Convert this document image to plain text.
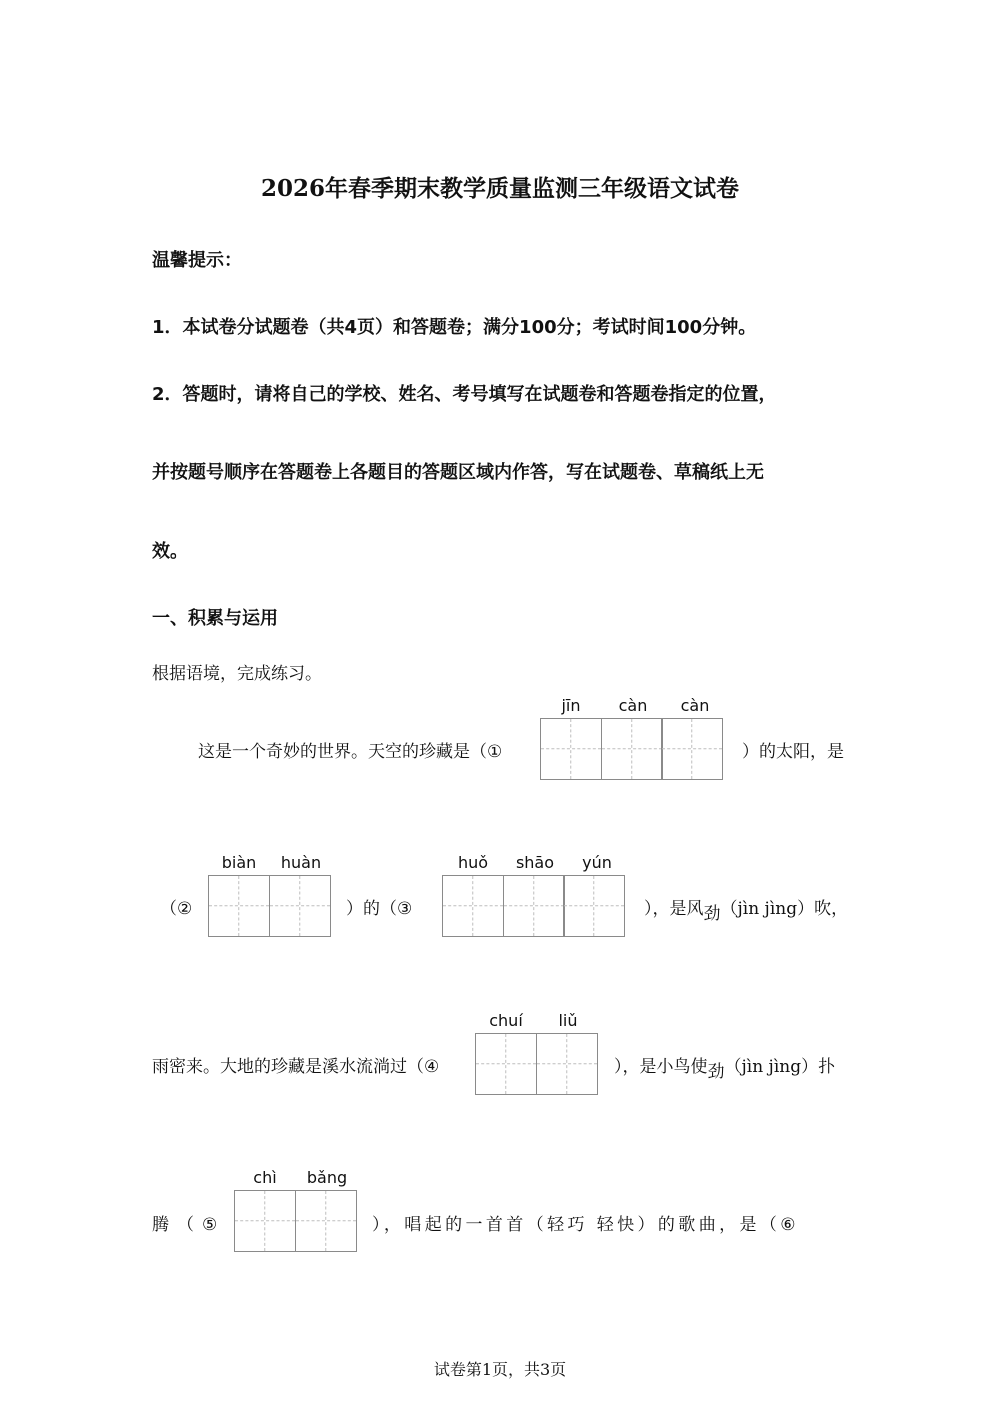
2026年春季期末教学质量监测三年级语文试卷
温馨提示：
1．本试卷分试题卷（共4页）和答题卷；满分100分；考试时间100分钟。
2．答题时，请将自己的学校、姓名、考号填写在试题卷和答题卷指定的位置，
并按题号顺序在答题卷上各题目的答题区域内作答，写在试题卷、草稿纸上无
效。
一、积累与运用
根据语境，完成练习。
这是一个奇妙的世界。天空的珍藏是（①
jīn	càn	càn
）的太阳，是
（②
biàn	huàn
）的（③
huǒ	shāo	yún
），是风劲（jìn jìng）吹，
雨密来。大地的珍藏是溪水流淌过（④
chuí	liǔ
），是小鸟使劲（jìn jìng）扑
腾（⑤
chì	bǎng
），唱起的一首首（轻巧 轻快）的歌曲，是（⑥
试卷第1页，共3页
